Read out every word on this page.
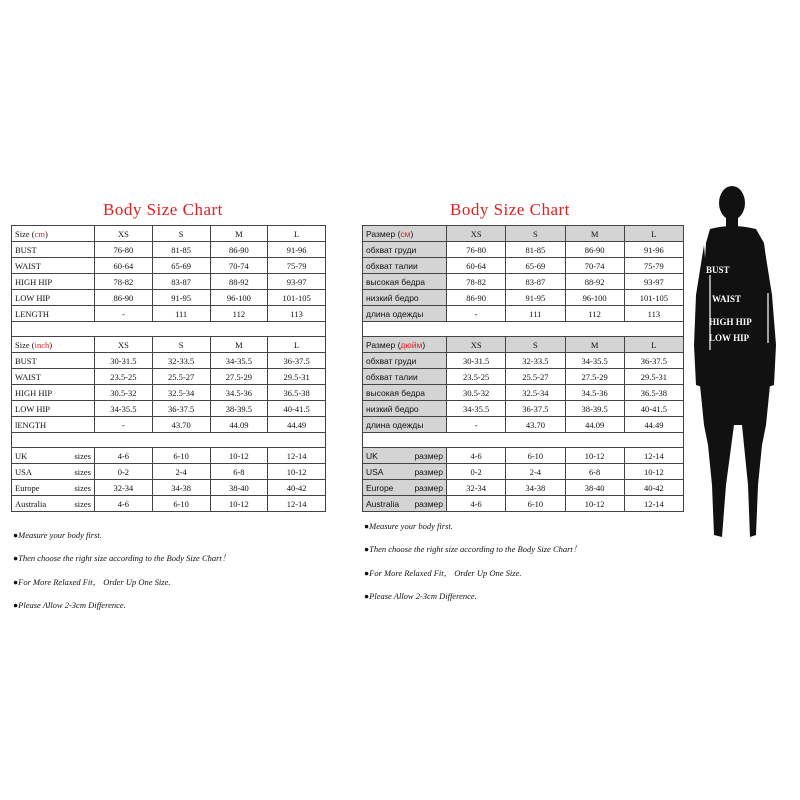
Body Size Chart
Size (cm)	XS	S	M	L
BUST	76-80	81-85	86-90	91-96
WAIST	60-64	65-69	70-74	75-79
HIGH HIP	78-82	83-87	88-92	93-97
LOW HIP	86-90	91-95	96-100	101-105
LENGTH	-	111	112	113

Size (inch)	XS	S	M	L
BUST	30-31.5	32-33.5	34-35.5	36-37.5
WAIST	23.5-25	25.5-27	27.5-29	29.5-31
HIGH HIP	30.5-32	32.5-34	34.5-36	36.5-38
LOW HIP	34-35.5	36-37.5	38-39.5	40-41.5
lENGTH	-	43.70	44.09	44.49

UK sizes	4-6	6-10	10-12	12-14

USA sizes	0-2	2-4	6-8	10-12

Europe sizes	32-34	34-38	38-40	40-42

Australia sizes	4-6	6-10	10-12	12-14
●Measure your body first.
●Then choose the right size according to the Body Size Chart！
●For More Relaxed Fit， Order Up One Size.
●Please Allow 2-3cm Difference.
Body Size Chart
Размер (см)	XS	S	M	L
обхват груди	76-80	81-85	86-90	91-96
обхват талии	60-64	65-69	70-74	75-79
высокая бедра	78-82	83-87	88-92	93-97
низкий бедро	86-90	91-95	96-100	101-105
длина одежды	-	111	112	113

Размер (дюйм)	XS	S	M	L
обхват груди	30-31.5	32-33.5	34-35.5	36-37.5
обхват талии	23.5-25	25.5-27	27.5-29	29.5-31
высокая бедра	30.5-32	32.5-34	34.5-36	36.5-38
низкий бедро	34-35.5	36-37.5	38-39.5	40-41.5
длина одежды	-	43.70	44.09	44.49

UK размер	4-6	6-10	10-12	12-14

USA размер	0-2	2-4	6-8	10-12

Europe размер	32-34	34-38	38-40	40-42

Australia размер	4-6	6-10	10-12	12-14
●Measure your body first.
●Then choose the right size according to the Body Size Chart！
●For More Relaxed Fit， Order Up One Size.
●Please Allow 2-3cm Difference.
BUST
WAIST
HIGH HIP
LOW HIP
